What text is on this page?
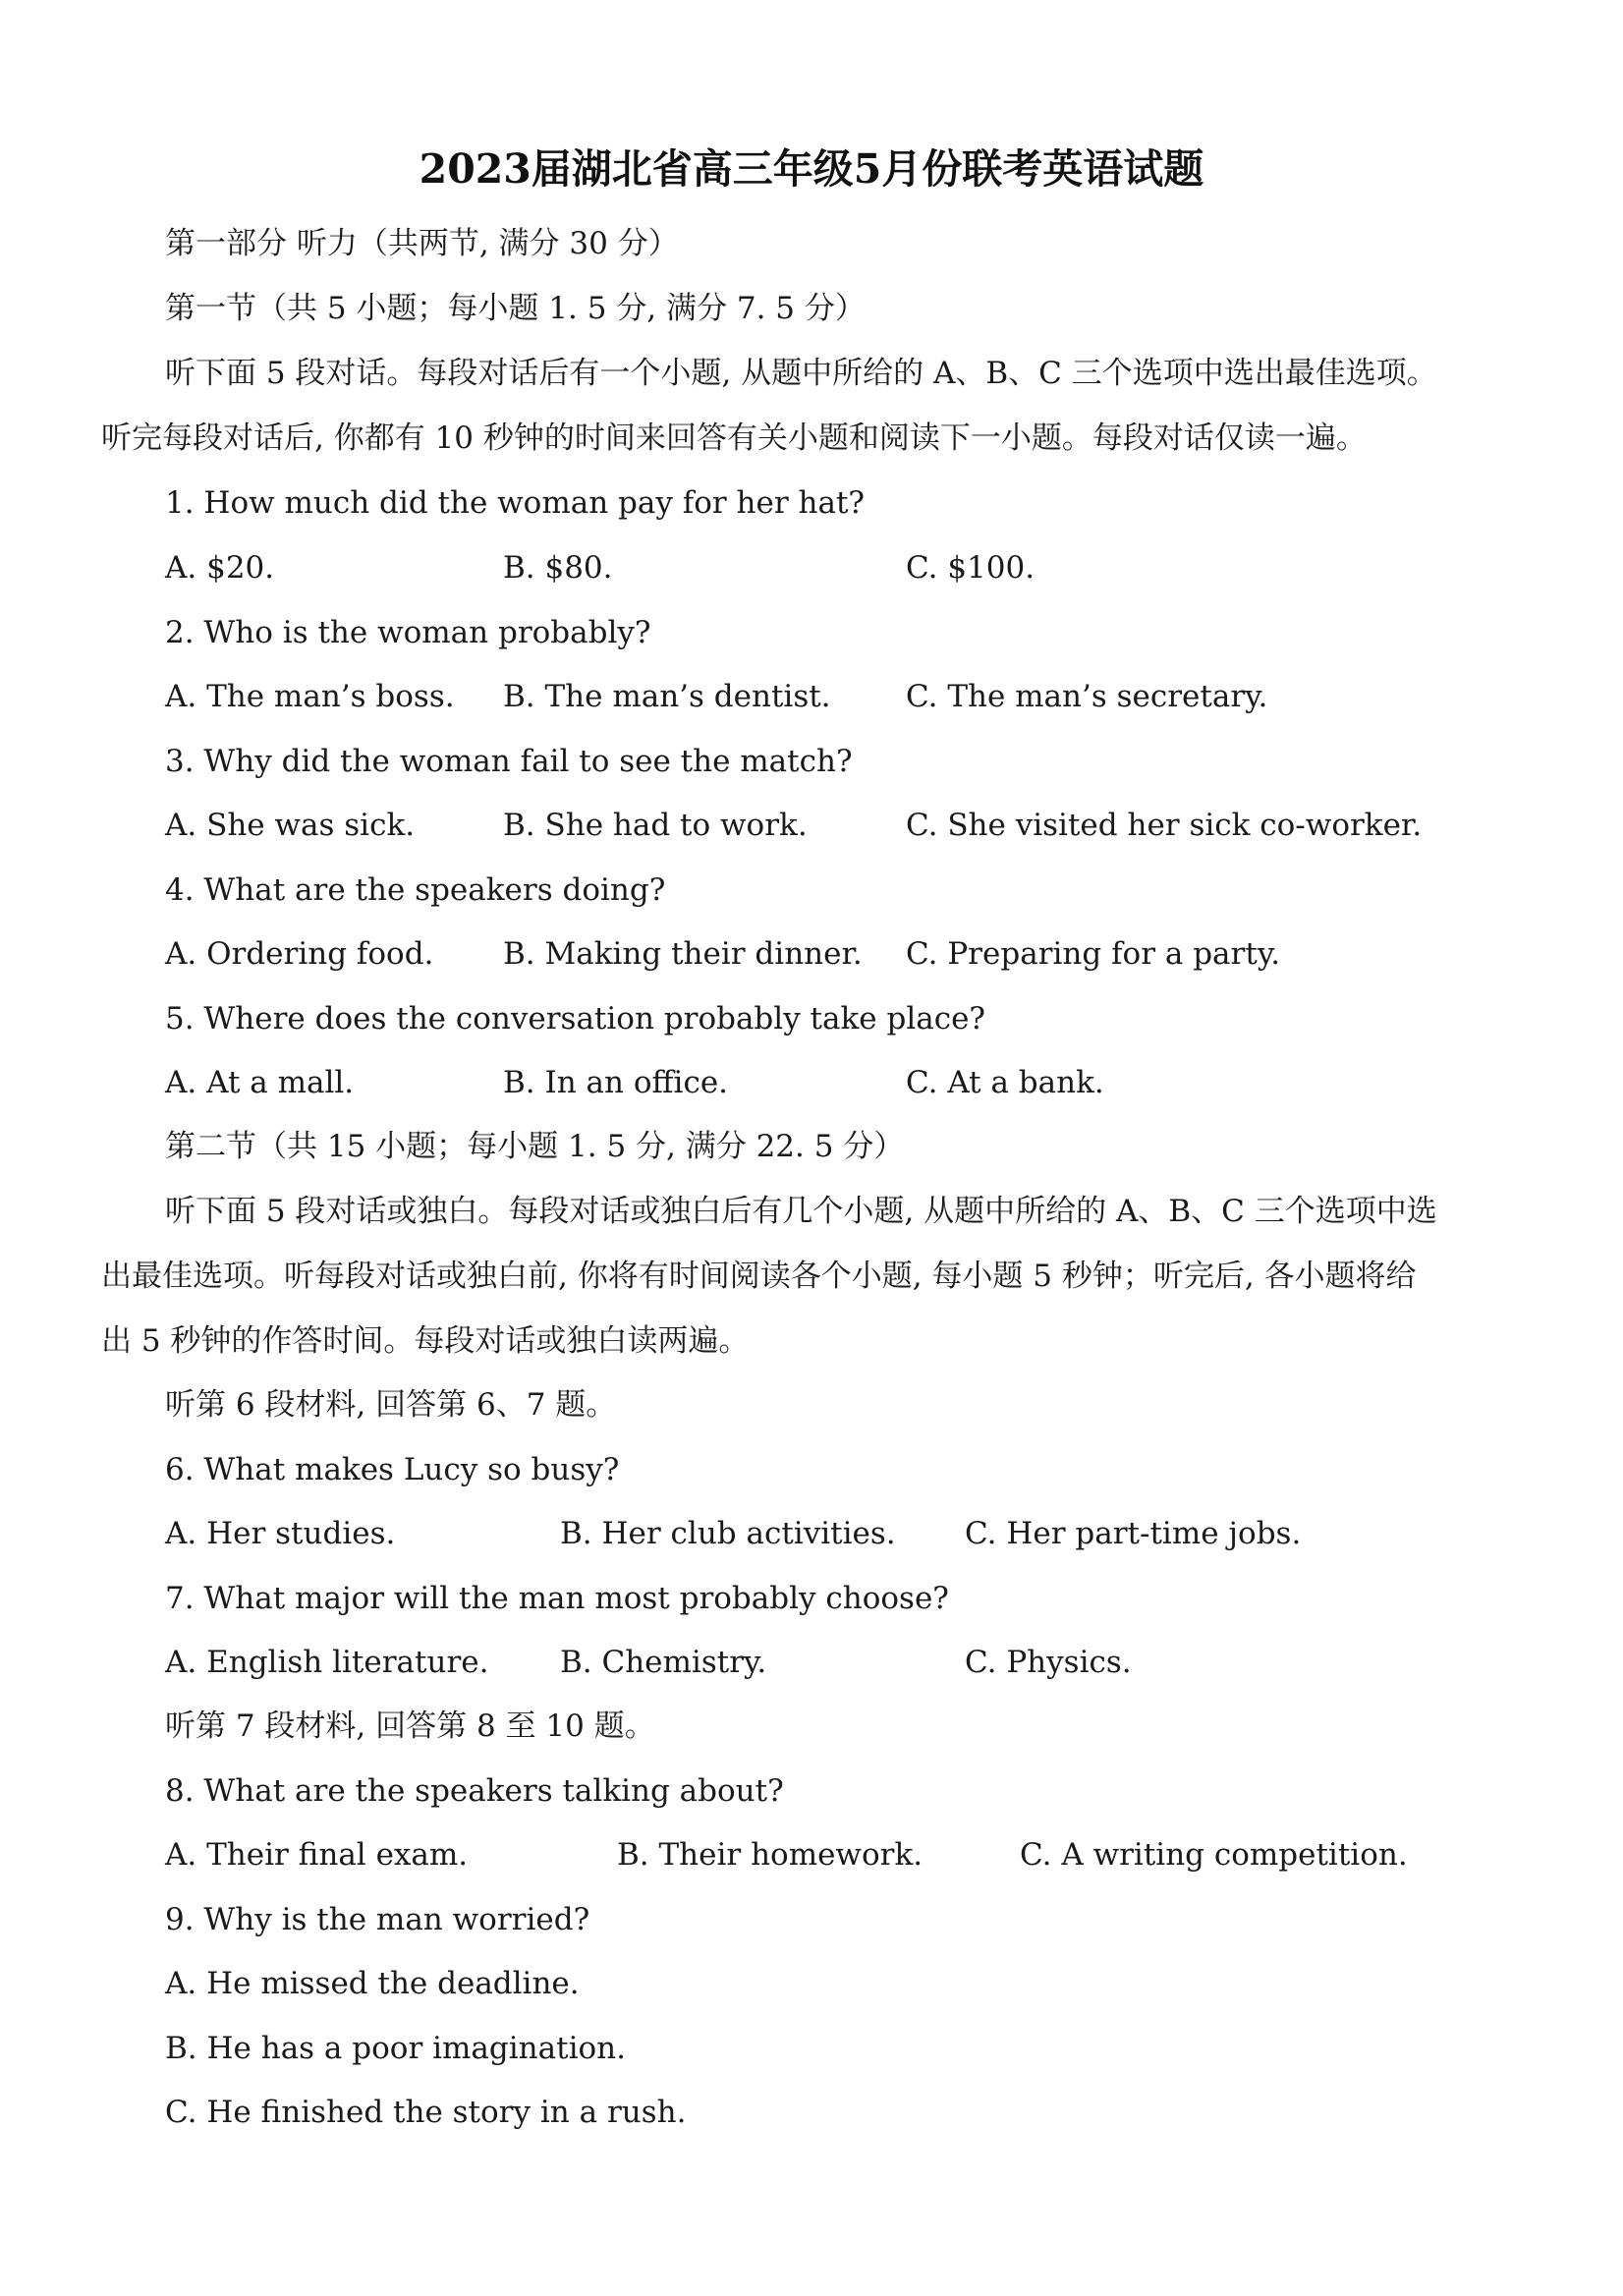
2023届湖北省高三年级5月份联考英语试题
第一部分 听力（共两节, 满分 30 分）
第一节（共 5 小题；每小题 1. 5 分, 满分 7. 5 分）
听下面 5 段对话。每段对话后有一个小题, 从题中所给的 A、B、C 三个选项中选出最佳选项。
听完每段对话后, 你都有 10 秒钟的时间来回答有关小题和阅读下一小题。每段对话仅读一遍。
1. How much did the woman pay for her hat?
A. $20.	B. $80.	C. $100.
2. Who is the woman probably?
A. The man’s boss. B. The man’s dentist. C. The man’s secretary.
3. Why did the woman fail to see the match?
A. She was sick.	B. She had to work.	C. She visited her sick co-worker.
4. What are the speakers doing?
A. Ordering food. B. Making their dinner. C. Preparing for a party.
5. Where does the conversation probably take place?
A. At a mall.	B. In an office.	C. At a bank.
第二节（共 15 小题；每小题 1. 5 分, 满分 22. 5 分）
听下面 5 段对话或独白。每段对话或独白后有几个小题, 从题中所给的 A、B、C 三个选项中选
出最佳选项。听每段对话或独白前, 你将有时间阅读各个小题, 每小题 5 秒钟；听完后, 各小题将给
出 5 秒钟的作答时间。每段对话或独白读两遍。
听第 6 段材料, 回答第 6、7 题。
6. What makes Lucy so busy?
A. Her studies.	B. Her club activities. C. Her part-time jobs.
7. What major will the man most probably choose?
A. English literature. B. Chemistry.	C. Physics.
听第 7 段材料, 回答第 8 至 10 题。
8. What are the speakers talking about?
A. Their final exam.	B. Their homework.	C. A writing competition.
9. Why is the man worried?
A. He missed the deadline.
B. He has a poor imagination.
C. He finished the story in a rush.
